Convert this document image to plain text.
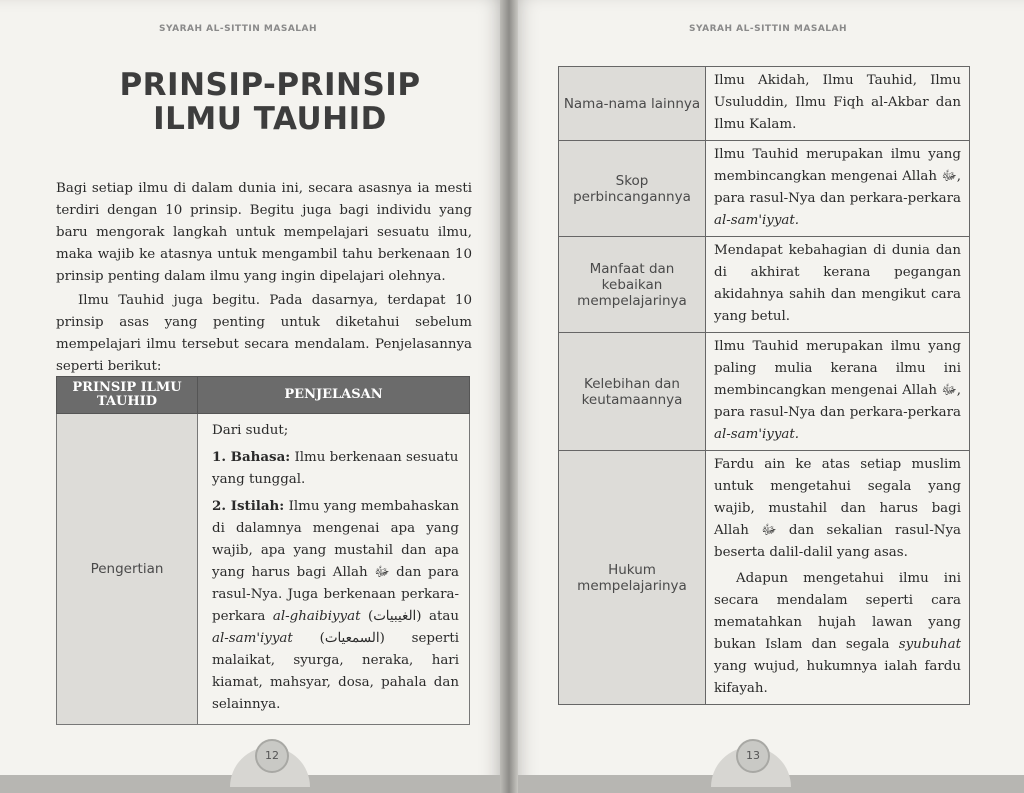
SYARAH AL-SITTIN MASALAH
PRINSIP-PRINSIP
ILMU TAUHID
Bagi setiap ilmu di dalam dunia ini, secara asasnya ia mesti terdiri dengan 10 prinsip. Begitu juga bagi individu yang baru mengorak langkah untuk mempelajari sesuatu ilmu, maka wajib ke atasnya untuk mengambil tahu berkenaan 10 prinsip penting dalam ilmu yang ingin dipelajari olehnya.
Ilmu Tauhid juga begitu. Pada dasarnya, terdapat 10 prinsip asas yang penting untuk diketahui sebelum mempelajari ilmu tersebut secara mendalam. Penjelasannya seperti berikut:
PRINSIP ILMU TAUHID	PENJELASAN
Pengertian	Dari sudut;
1. Bahasa: Ilmu berkenaan sesuatu yang tunggal.
2. Istilah: Ilmu yang membahaskan di dalamnya mengenai apa yang wajib, apa yang mustahil dan apa yang harus bagi Allah ﷻ dan para rasul-Nya. Juga berkenaan perkara-perkara al-ghaibiyyat (الغيبيات) atau al-sam'iyyat (السمعيات) seperti malaikat, syurga, neraka, hari kiamat, mahsyar, dosa, pahala dan selainnya.
12
SYARAH AL-SITTIN MASALAH
Nama-nama lainnya	Ilmu Akidah, Ilmu Tauhid, Ilmu Usuluddin, Ilmu Fiqh al-Akbar dan Ilmu Kalam.
Skop perbincangannya	Ilmu Tauhid merupakan ilmu yang membincangkan mengenai Allah ﷻ, para rasul-Nya dan perkara-perkara al-sam'iyyat.
Manfaat dan kebaikan mempelajarinya	Mendapat kebahagian di dunia dan di akhirat kerana pegangan akidahnya sahih dan mengikut cara yang betul.
Kelebihan dan keutamaannya	Ilmu Tauhid merupakan ilmu yang paling mulia kerana ilmu ini membincangkan mengenai Allah ﷻ, para rasul-Nya dan perkara-perkara al-sam'iyyat.
Hukum mempelajarinya	Fardu ain ke atas setiap muslim untuk mengetahui segala yang wajib, mustahil dan harus bagi Allah ﷻ dan sekalian rasul-Nya beserta dalil-dalil yang asas.
Adapun mengetahui ilmu ini secara mendalam seperti cara mematahkan hujah lawan yang bukan Islam dan segala syubuhat yang wujud, hukumnya ialah fardu kifayah.
13
